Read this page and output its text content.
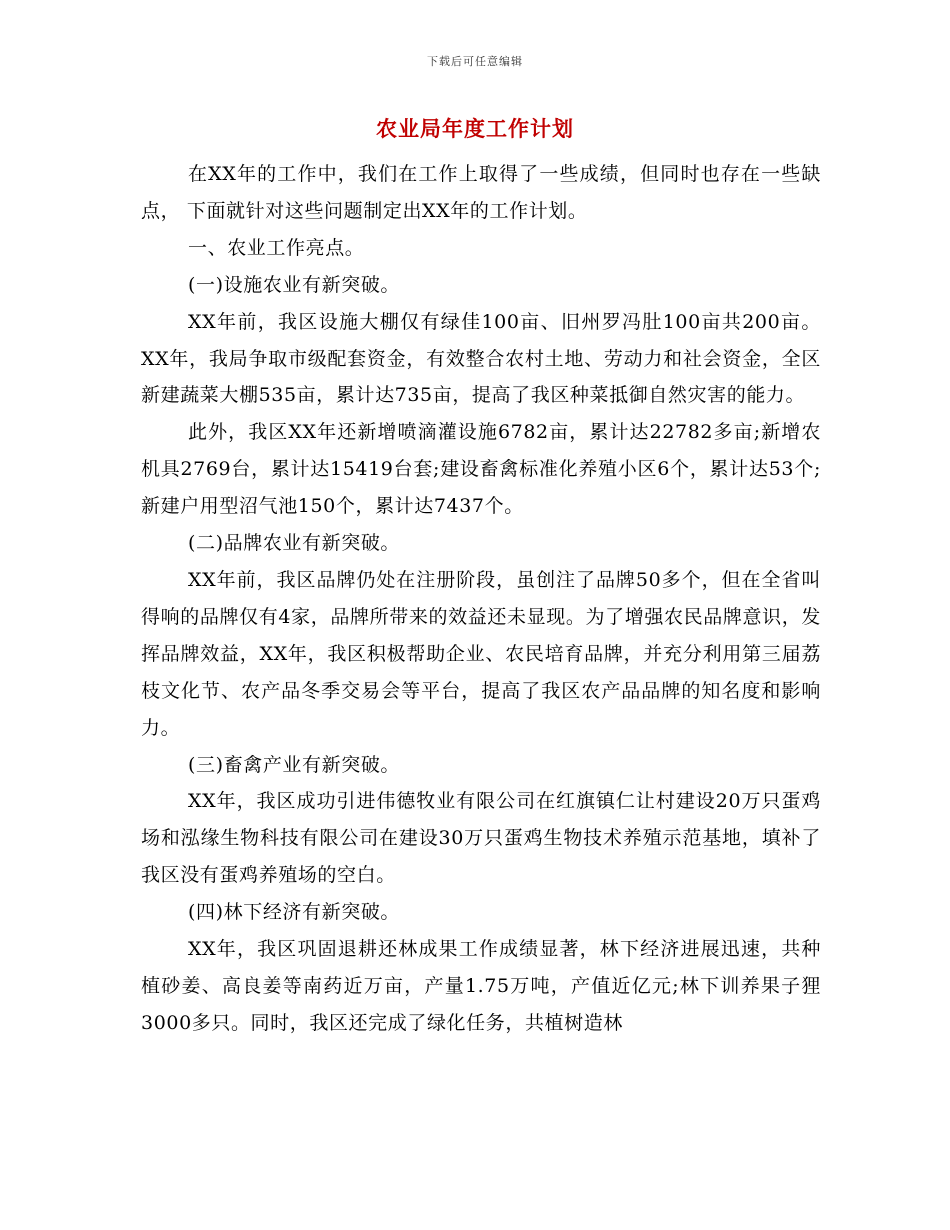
下载后可任意编辑
农业局年度工作计划

在XX年的工作中，我们在工作上取得了一些成绩，但同时也存在一些缺点， 下面就针对这些问题制定出XX年的工作计划。

一、农业工作亮点。

(一)设施农业有新突破。

XX年前，我区设施大棚仅有绿佳100亩、旧州罗冯肚100亩共200亩。XX年，我局争取市级配套资金，有效整合农村土地、劳动力和社会资金，全区新建蔬菜大棚535亩，累计达735亩，提高了我区种菜抵御自然灾害的能力。

此外，我区XX年还新增喷滴灌设施6782亩，累计达22782多亩;新增农机具2769台，累计达15419台套;建设畜禽标准化养殖小区6个，累计达53个;新建户用型沼气池150个，累计达7437个。

(二)品牌农业有新突破。

XX年前，我区品牌仍处在注册阶段，虽创注了品牌50多个，但在全省叫得响的品牌仅有4家，品牌所带来的效益还未显现。为了增强农民品牌意识，发挥品牌效益，XX年，我区积极帮助企业、农民培育品牌，并充分利用第三届荔枝文化节、农产品冬季交易会等平台，提高了我区农产品品牌的知名度和影响力。

(三)畜禽产业有新突破。

XX年，我区成功引进伟德牧业有限公司在红旗镇仁让村建设20万只蛋鸡场和泓缘生物科技有限公司在建设30万只蛋鸡生物技术养殖示范基地，填补了我区没有蛋鸡养殖场的空白。

(四)林下经济有新突破。

XX年，我区巩固退耕还林成果工作成绩显著，林下经济进展迅速，共种植砂姜、高良姜等南药近万亩，产量1.75万吨，产值近亿元;林下训养果子狸3000多只。同时，我区还完成了绿化任务，共植树造林
